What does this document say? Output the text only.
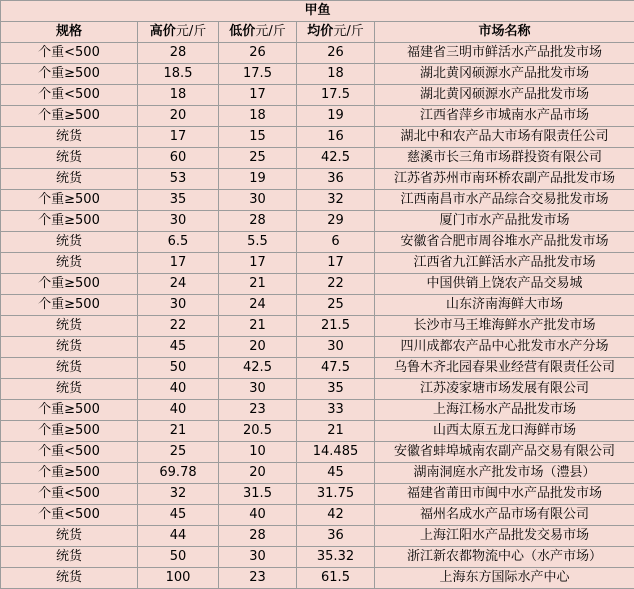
甲鱼				
规格	高价元/斤	低价元/斤	均价元/斤	市场名称
个重<500	28	26	26	福建省三明市鲜活水产品批发市场
个重≥500	18.5	17.5	18	湖北黄冈硕源水产品批发市场
个重<500	18	17	17.5	湖北黄冈硕源水产品批发市场
个重≥500	20	18	19	江西省萍乡市城南水产品市场
统货	17	15	16	湖北中和农产品大市场有限责任公司
统货	60	25	42.5	慈溪市长三角市场群投资有限公司
统货	53	19	36	江苏省苏州市南环桥农副产品批发市场
个重≥500	35	30	32	江西南昌市水产品综合交易批发市场
个重≥500	30	28	29	厦门市水产品批发市场
统货	6.5	5.5	6	安徽省合肥市周谷堆水产品批发市场
统货	17	17	17	江西省九江鲜活水产品批发市场
个重≥500	24	21	22	中国供销上饶农产品交易城
个重≥500	30	24	25	山东济南海鲜大市场
统货	22	21	21.5	长沙市马王堆海鲜水产批发市场
统货	45	20	30	四川成都农产品中心批发市水产分场
统货	50	42.5	47.5	乌鲁木齐北园春果业经营有限责任公司
统货	40	30	35	江苏凌家塘市场发展有限公司
个重≥500	40	23	33	上海江杨水产品批发市场
个重≥500	21	20.5	21	山西太原五龙口海鲜市场
个重<500	25	10	14.485	安徽省蚌埠城南农副产品交易有限公司
个重≥500	69.78	20	45	湖南洞庭水产批发市场（澧县）
个重<500	32	31.5	31.75	福建省莆田市闽中水产品批发市场
个重<500	45	40	42	福州名成水产品市场有限公司
统货	44	28	36	上海江阳水产品批发交易市场
统货	50	30	35.32	浙江新农都物流中心（水产市场）
统货	100	23	61.5	上海东方国际水产中心
